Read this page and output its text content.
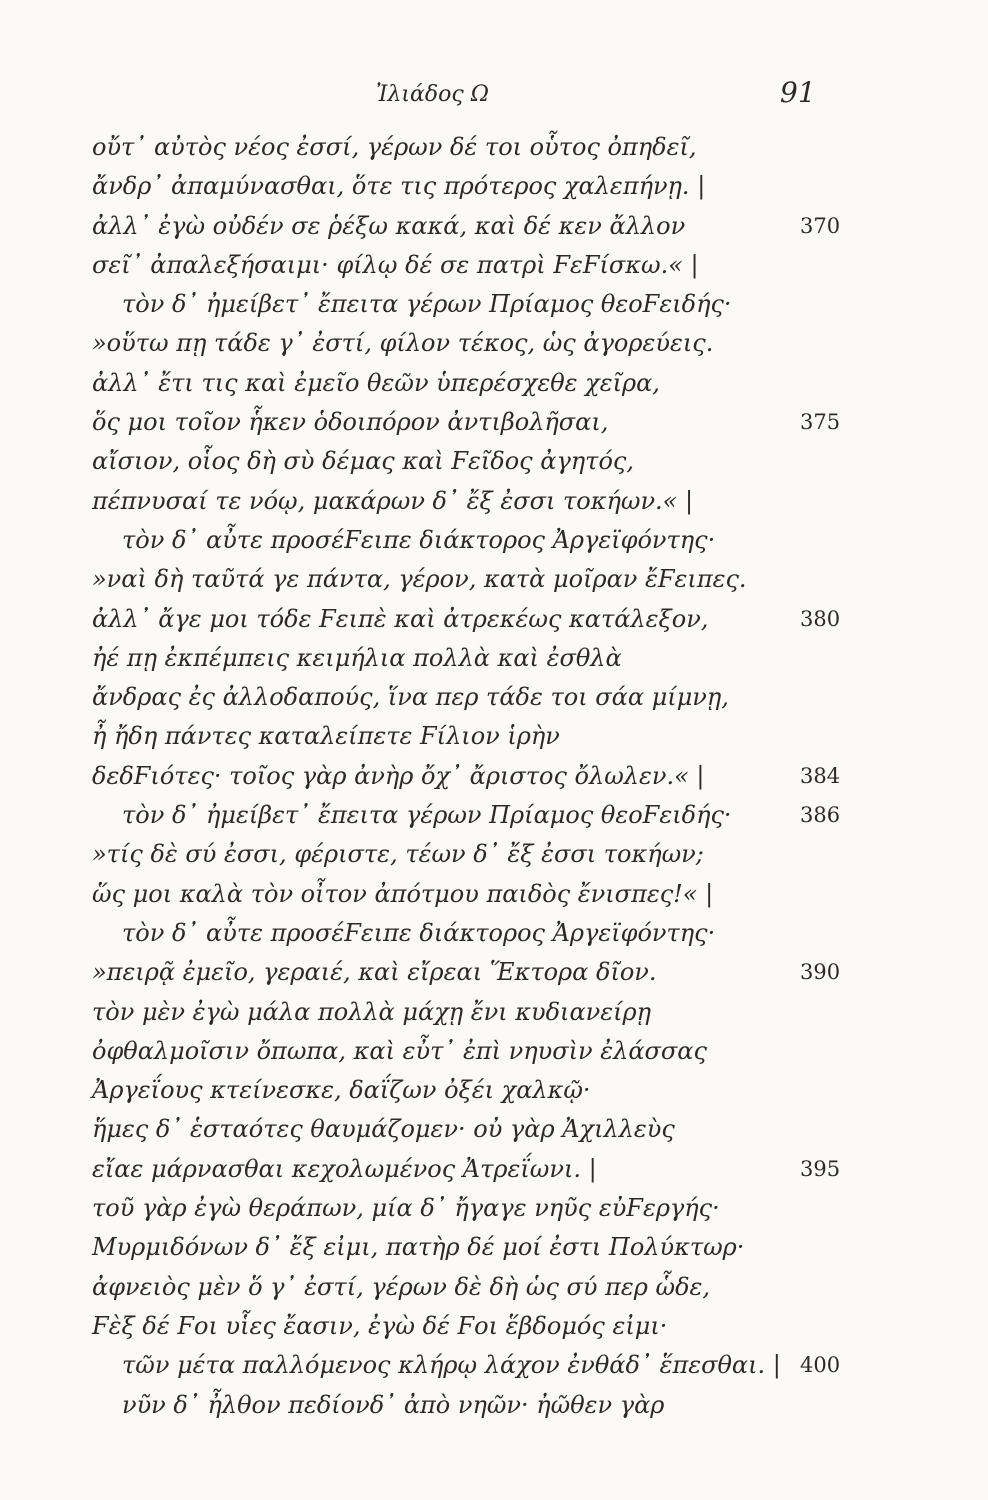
Ἰλιάδος Ω	91
οὔτ᾽ αὐτὸς νέος ἐσσί, γέρων δέ τοι οὗτος ὀπηδεῖ,
ἄνδρ᾽ ἀπαμύνασθαι, ὅτε τις πρότερος χαλεπήνῃ. |
ἀλλ᾽ ἐγὼ οὐδέν σε ῥέξω κακά, καὶ δέ κεν ἄλλον	370
σεῖ᾽ ἀπαλεξήσαιμι· φίλῳ δέ σε πατρὶ ϜεϜίσκω.« |
τὸν δ᾽ ἠμείβετ᾽ ἔπειτα γέρων Πρίαμος θεοϜειδής·
»οὕτω πῃ τάδε γ᾽ ἐστί, φίλον τέκος, ὡς ἀγορεύεις.
ἀλλ᾽ ἔτι τις καὶ ἐμεῖο θεῶν ὑπερέσχεθε χεῖρα,
ὅς μοι τοῖον ἧκεν ὁδοιπόρον ἀντιβολῆσαι,	375
αἴσιον, οἷος δὴ σὺ δέμας καὶ Ϝεῖδος ἀγητός,
πέπνυσαί τε νόῳ, μακάρων δ᾽ ἔξ ἐσσι τοκήων.« |
τὸν δ᾽ αὖτε προσέϜειπε διάκτορος Ἀργεϊφόντης·
»ναὶ δὴ ταῦτά γε πάντα, γέρον, κατὰ μοῖραν ἔϜειπες.
ἀλλ᾽ ἄγε μοι τόδε Ϝειπὲ καὶ ἀτρεκέως κατάλεξον,	380
ἠέ πῃ ἐκπέμπεις κειμήλια πολλὰ καὶ ἐσθλὰ
ἄνδρας ἐς ἀλλοδαπούς, ἵνα περ τάδε τοι σάα μίμνῃ,
ἦ ἤδη πάντες καταλείπετε Ϝίλιον ἱρὴν
δεδϜιότες· τοῖος γὰρ ἀνὴρ ὄχ᾽ ἄριστος ὄλωλεν.« |	384
τὸν δ᾽ ἠμείβετ᾽ ἔπειτα γέρων Πρίαμος θεοϜειδής·	386
»τίς δὲ σύ ἐσσι, φέριστε, τέων δ᾽ ἔξ ἐσσι τοκήων;
ὥς μοι καλὰ τὸν οἶτον ἀπότμου παιδὸς ἔνισπες!« |
τὸν δ᾽ αὖτε προσέϜειπε διάκτορος Ἀργεϊφόντης·
»πειρᾷ ἐμεῖο, γεραιέ, καὶ εἴρεαι Ἕκτορα δῖον.	390
τὸν μὲν ἐγὼ μάλα πολλὰ μάχῃ ἔνι κυδιανείρῃ
ὀφθαλμοῖσιν ὄπωπα, καὶ εὖτ᾽ ἐπὶ νηυσὶν ἐλάσσας
Ἀργεΐους κτείνεσκε, δαΐζων ὀξέι χαλκῷ·
ἥμες δ᾽ ἑσταότες θαυμάζομεν· οὐ γὰρ Ἀχιλλεὺς
εἴαε μάρνασθαι κεχολωμένος Ἀτρεΐωνι. |	395
τοῦ γὰρ ἐγὼ θεράπων, μία δ᾽ ἤγαγε νηῦς εὐϜεργής·
Μυρμιδόνων δ᾽ ἔξ εἰμι, πατὴρ δέ μοί ἐστι Πολύκτωρ·
ἀφνειὸς μὲν ὅ γ᾽ ἐστί, γέρων δὲ δὴ ὡς σύ περ ὧδε,
Ϝὲξ δέ Ϝοι υἷες ἔασιν, ἐγὼ δέ Ϝοι ἕβδομός εἰμι·
τῶν μέτα παλλόμενος κλήρῳ λάχον ἐνθάδ᾽ ἕπεσθαι. | 400
νῦν δ᾽ ἦλθον πεδίονδ᾽ ἀπὸ νηῶν· ἠῶθεν γὰρ
